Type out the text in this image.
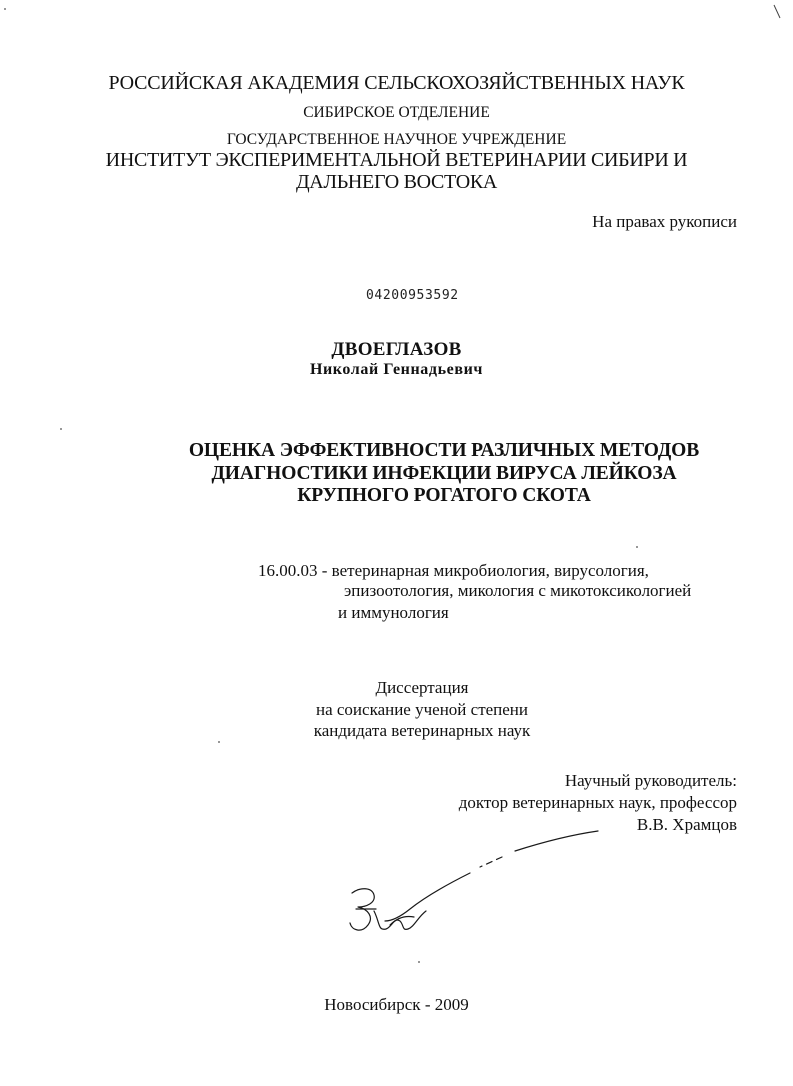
РОССИЙСКАЯ АКАДЕМИЯ СЕЛЬСКОХОЗЯЙСТВЕННЫХ НАУК
СИБИРСКОЕ ОТДЕЛЕНИЕ
ГОСУДАРСТВЕННОЕ НАУЧНОЕ УЧРЕЖДЕНИЕ
ИНСТИТУТ ЭКСПЕРИМЕНТАЛЬНОЙ ВЕТЕРИНАРИИ СИБИРИ И
ДАЛЬНЕГО ВОСТОКА
На правах рукописи
04200953592
ДВОЕГЛАЗОВ
Николай Геннадьевич
ОЦЕНКА ЭФФЕКТИВНОСТИ РАЗЛИЧНЫХ МЕТОДОВ
ДИАГНОСТИКИ ИНФЕКЦИИ ВИРУСА ЛЕЙКОЗА
КРУПНОГО РОГАТОГО СКОТА
16.00.03 - ветеринарная микробиология, вирусология,
эпизоотология, микология с микотоксикологией
и иммунология
Диссертация
на соискание ученой степени
кандидата ветеринарных наук
Научный руководитель:
доктор ветеринарных наук, профессор
В.В. Храмцов
Новосибирск - 2009
